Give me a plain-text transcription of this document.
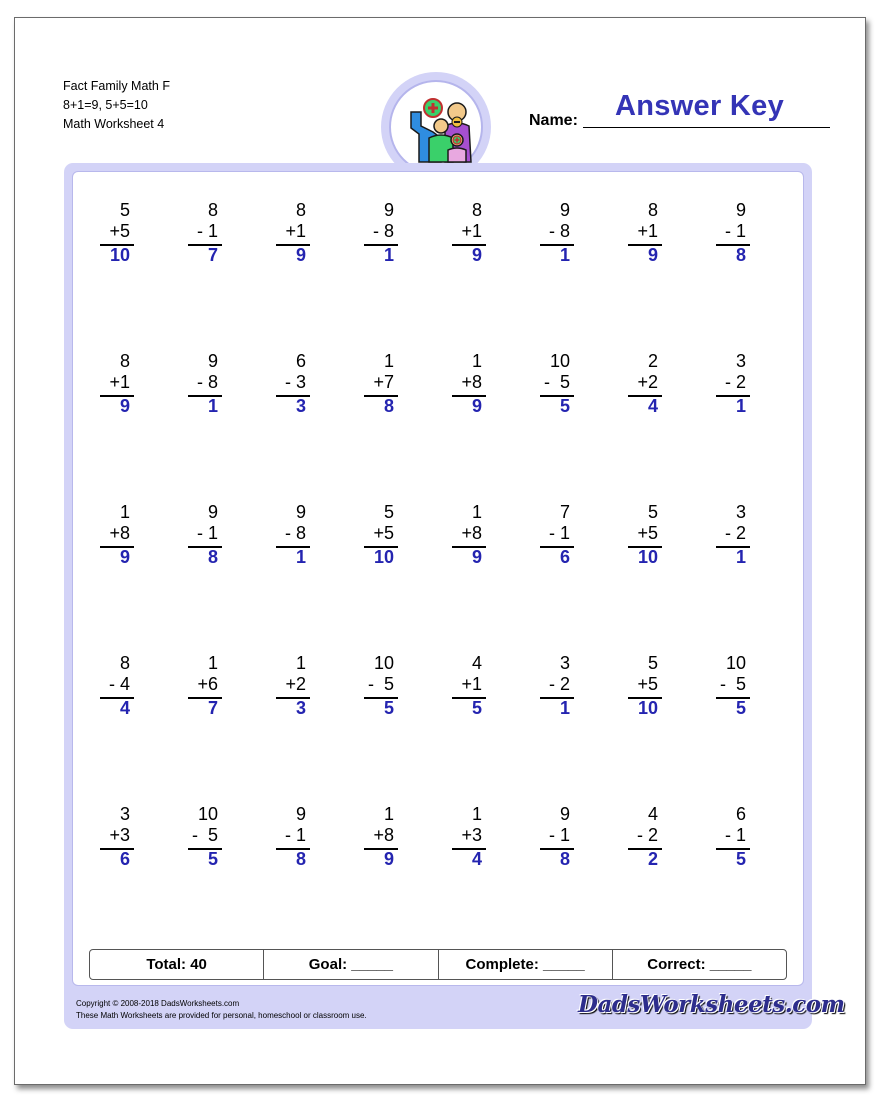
Fact Family Math F
8+1=9, 5+5=10
Math Worksheet 4	Name: Answer Key
5
+5
10
8
- 1
7
8
+1
9
9
- 8
1
8
+1
9
9
- 8
1
8
+1
9
9
- 1
8
8
+1
9
9
- 8
1
6
- 3
3
1
+7
8
1
+8
9
10
-  5
5
2
+2
4
3
- 2
1
1
+8
9
9
- 1
8
9
- 8
1
5
+5
10
1
+8
9
7
- 1
6
5
+5
10
3
- 2
1
8
- 4
4
1
+6
7
1
+2
3
10
-  5
5
4
+1
5
3
- 2
1
5
+5
10
10
-  5
5
3
+3
6
10
-  5
5
9
- 1
8
1
+8
9
1
+3
4
9
- 1
8
4
- 2
2
6
- 1
5
Total: 40	Goal: _____	Complete: _____	Correct: _____
Copyright © 2008-2018 DadsWorksheets.com
These Math Worksheets are provided for personal, homeschool or classroom use.	DadsWorksheets.com
